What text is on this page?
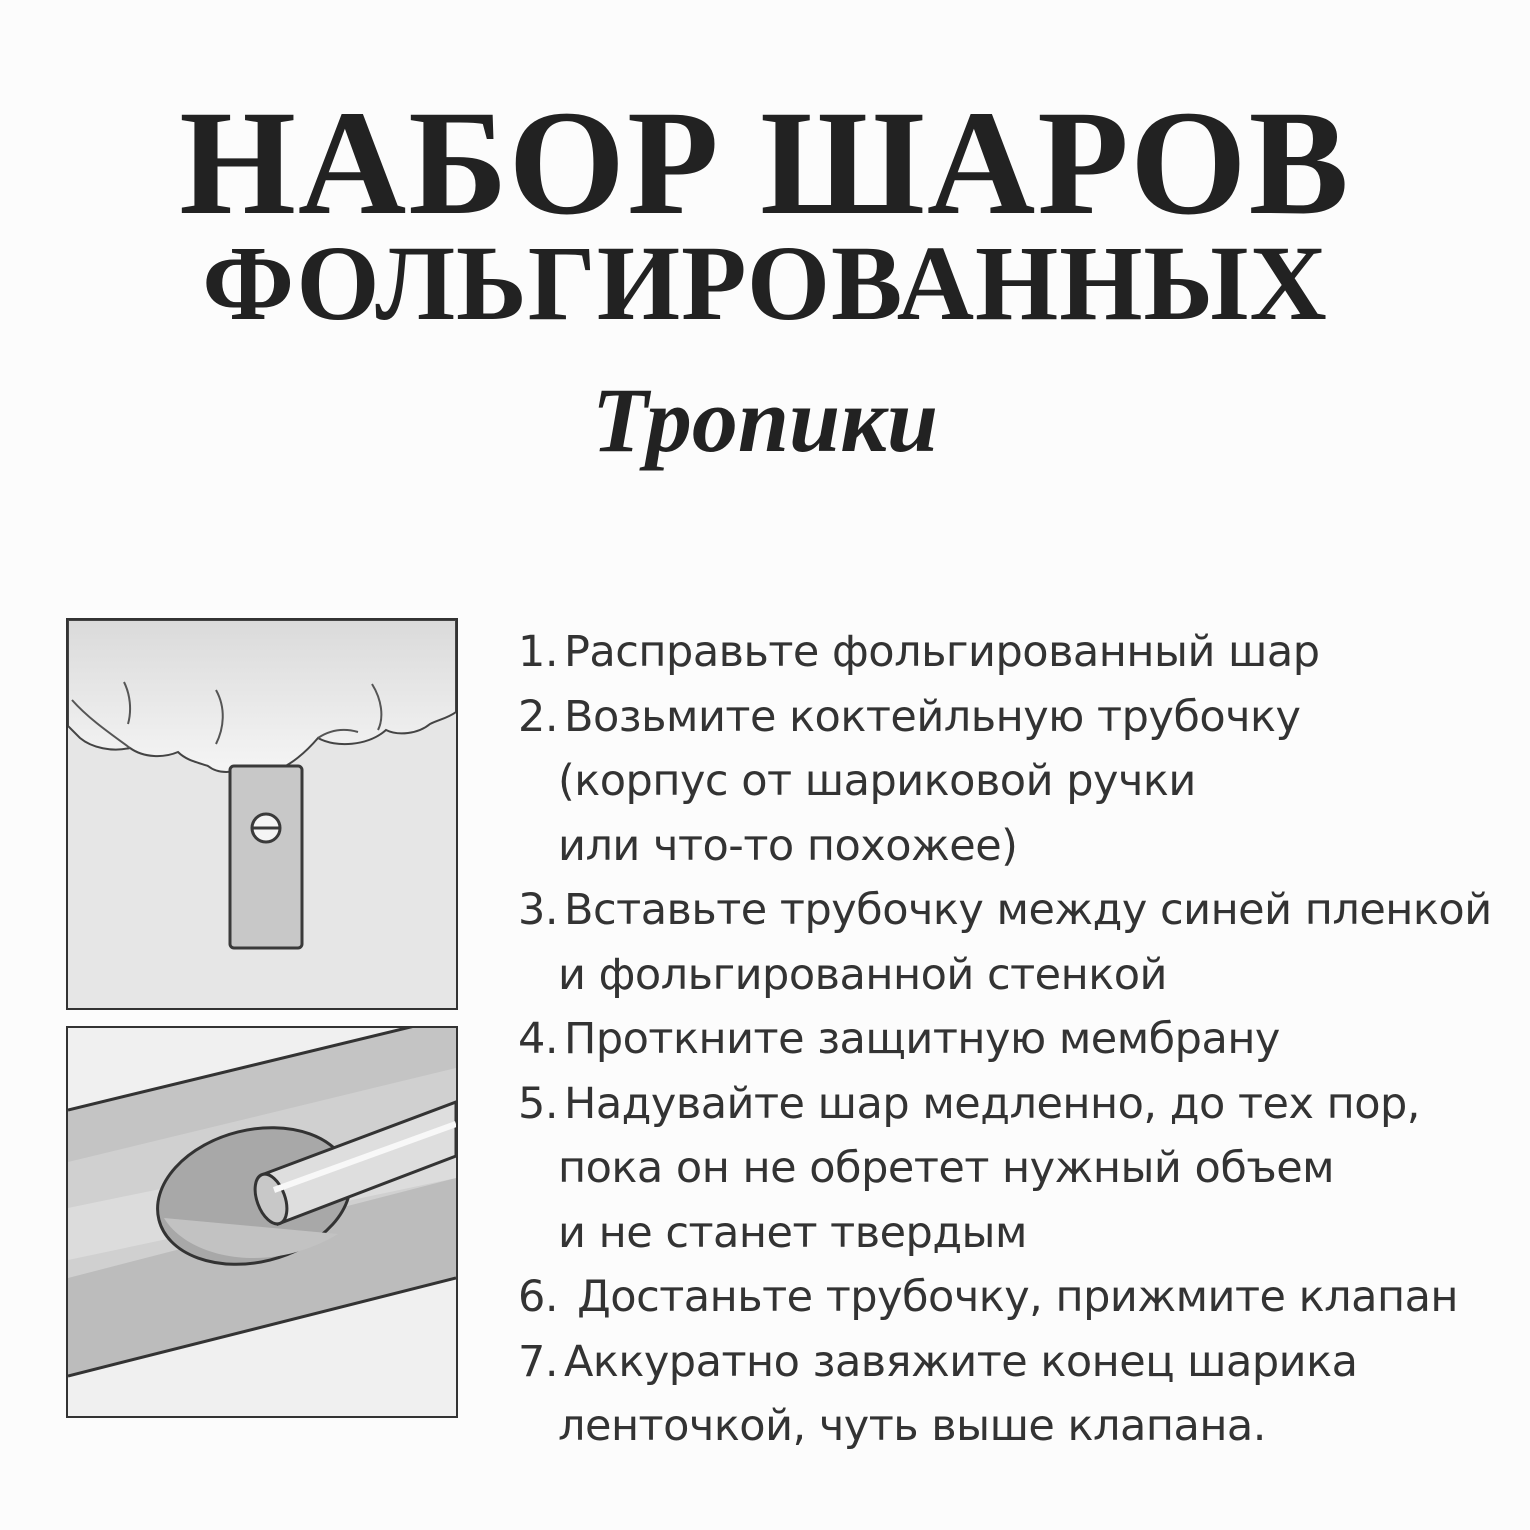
НАБОР ШАРОВ
ФОЛЬГИРОВАННЫХ
Тропики
1. Расправьте фольгированный шар
2. Возьмите коктейльную трубочку
(корпус от шариковой ручки
или что-то похожее)
3. Вставьте трубочку между синей пленкой
и фольгированной стенкой
4. Проткните защитную мембрану
5. Надувайте шар медленно, до тех пор,
пока он не обретет нужный объем
и не станет твердым
6. Достаньте трубочку, прижмите клапан
7. Аккуратно завяжите конец шарика
ленточкой, чуть выше клапана.
